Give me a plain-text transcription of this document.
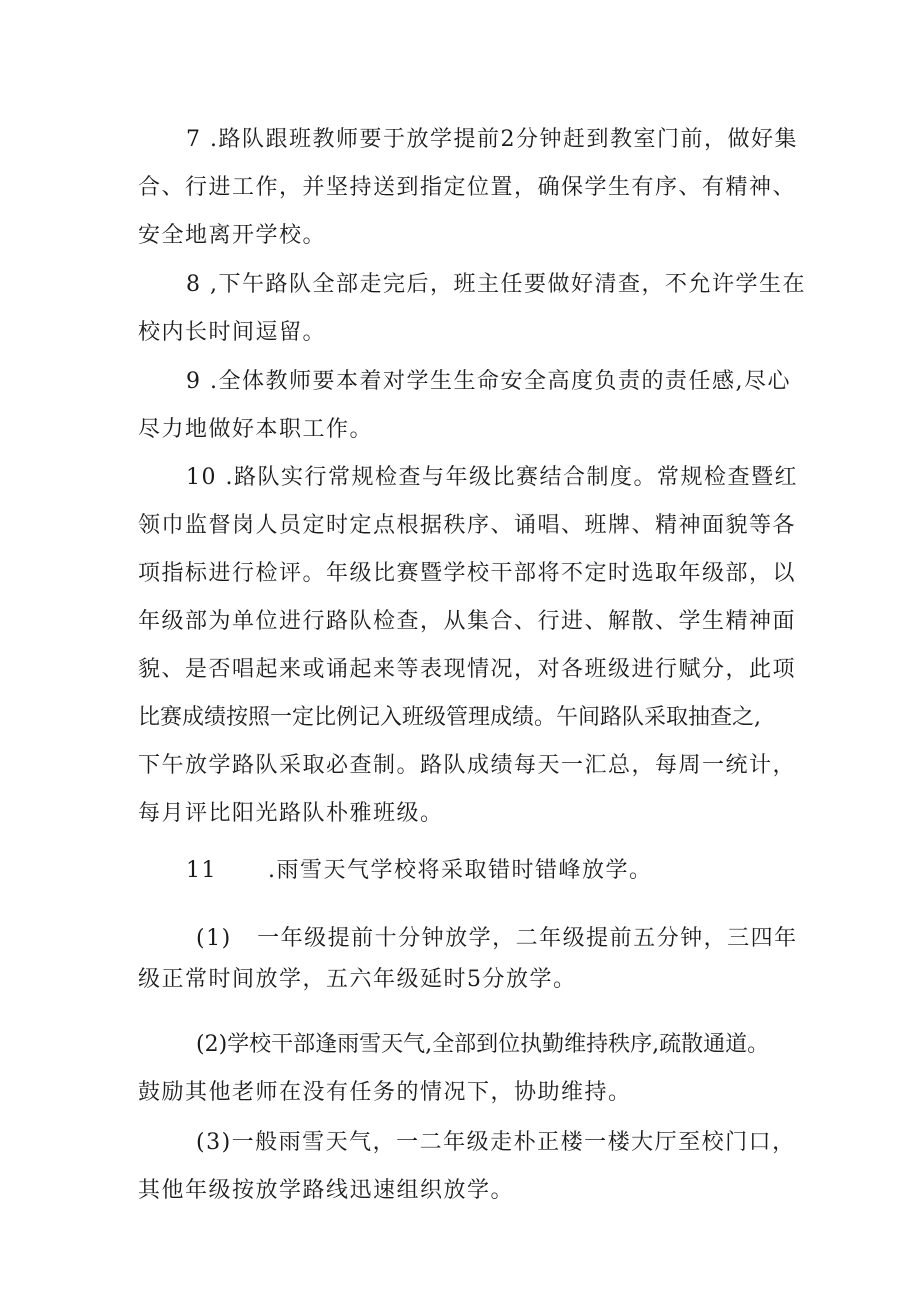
7 .路队跟班教师要于放学提前2分钟赶到教室门前，做好集
合、行进工作，并坚持送到指定位置，确保学生有序、有精神、
安全地离开学校。
8 ,下午路队全部走完后，班主任要做好清查，不允许学生在
校内长时间逗留。
9 .全体教师要本着对学生生命安全高度负责的责任感,尽心
尽力地做好本职工作。
10 .路队实行常规检查与年级比赛结合制度。常规检查暨红
领巾监督岗人员定时定点根据秩序、诵唱、班牌、精神面貌等各
项指标进行检评。年级比赛暨学校干部将不定时选取年级部，以
年级部为单位进行路队检查，从集合、行进、解散、学生精神面
貌、是否唱起来或诵起来等表现情况，对各班级进行赋分，此项
比赛成绩按照一定比例记入班级管理成绩。午间路队采取抽查之,
下午放学路队采取必查制。路队成绩每天一汇总，每周一统计，
每月评比阳光路队朴雅班级。
11      .雨雪天气学校将采取错时错峰放学。
(1)   一年级提前十分钟放学，二年级提前五分钟，三四年
级正常时间放学，五六年级延时5分放学。
(2)学校干部逢雨雪天气,全部到位执勤维持秩序,疏散通道。
鼓励其他老师在没有任务的情况下，协助维持。
(3)一般雨雪天气，一二年级走朴正楼一楼大厅至校门口，
其他年级按放学路线迅速组织放学。
